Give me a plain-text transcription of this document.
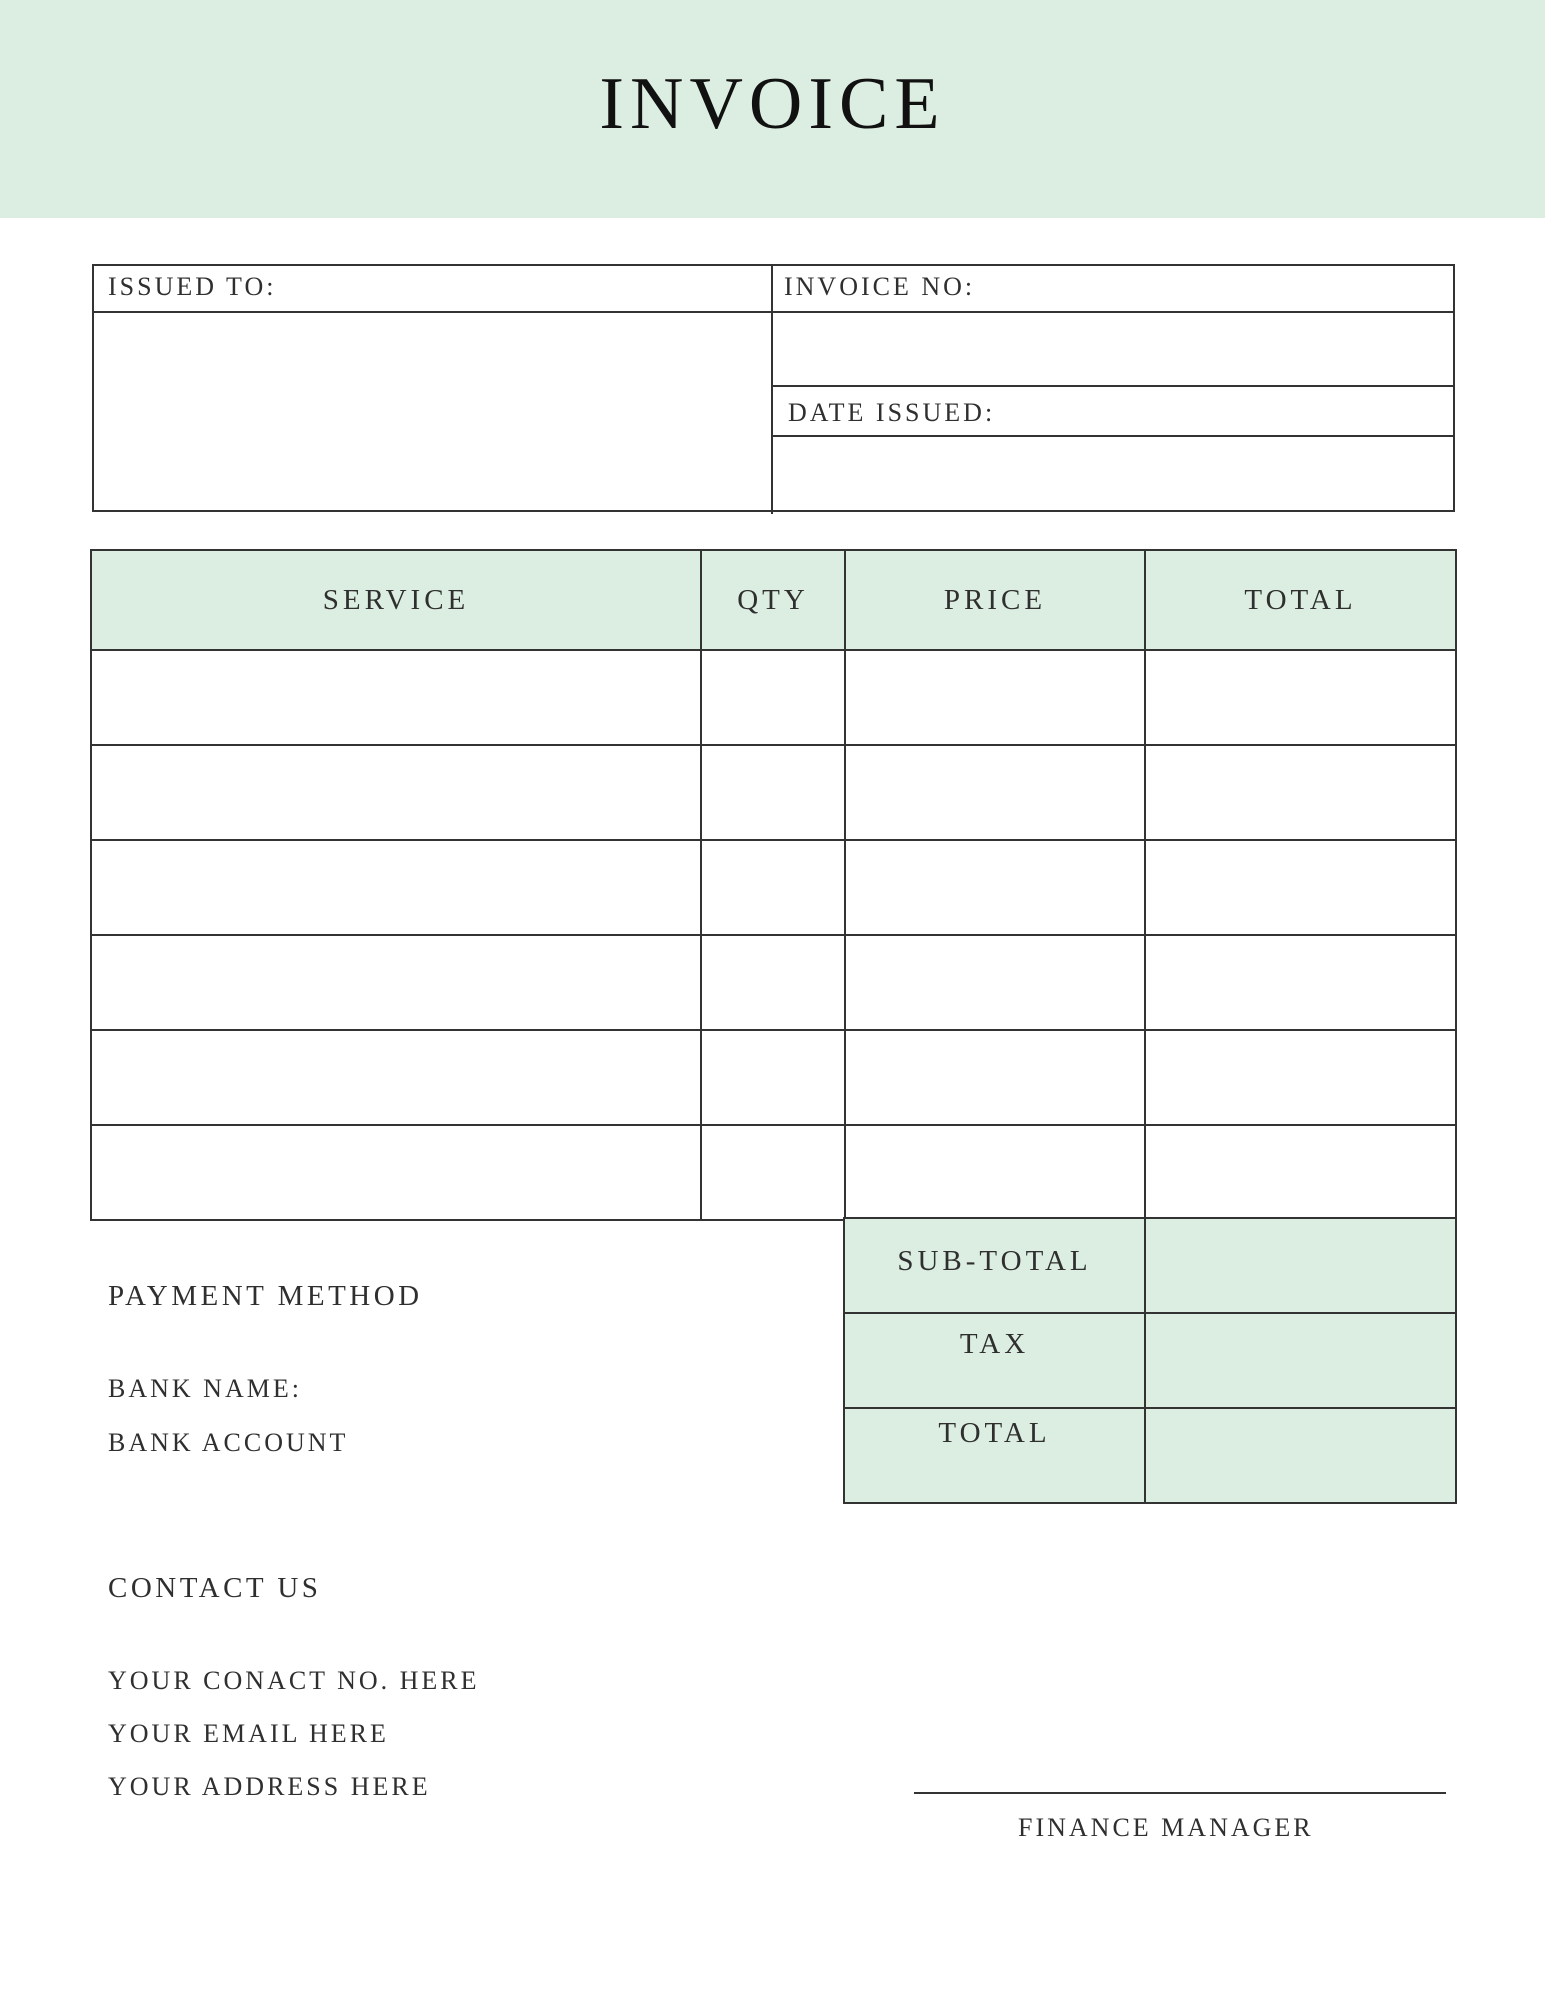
INVOICE
ISSUED TO:	INVOICE NO:
DATE ISSUED:
SERVICE	QTY	PRICE	TOTAL

SUB-TOTAL	
TAX	
TOTAL	
PAYMENT METHOD
BANK NAME:
BANK ACCOUNT
CONTACT US
YOUR CONACT NO. HERE
YOUR EMAIL HERE
YOUR ADDRESS HERE
FINANCE MANAGER
